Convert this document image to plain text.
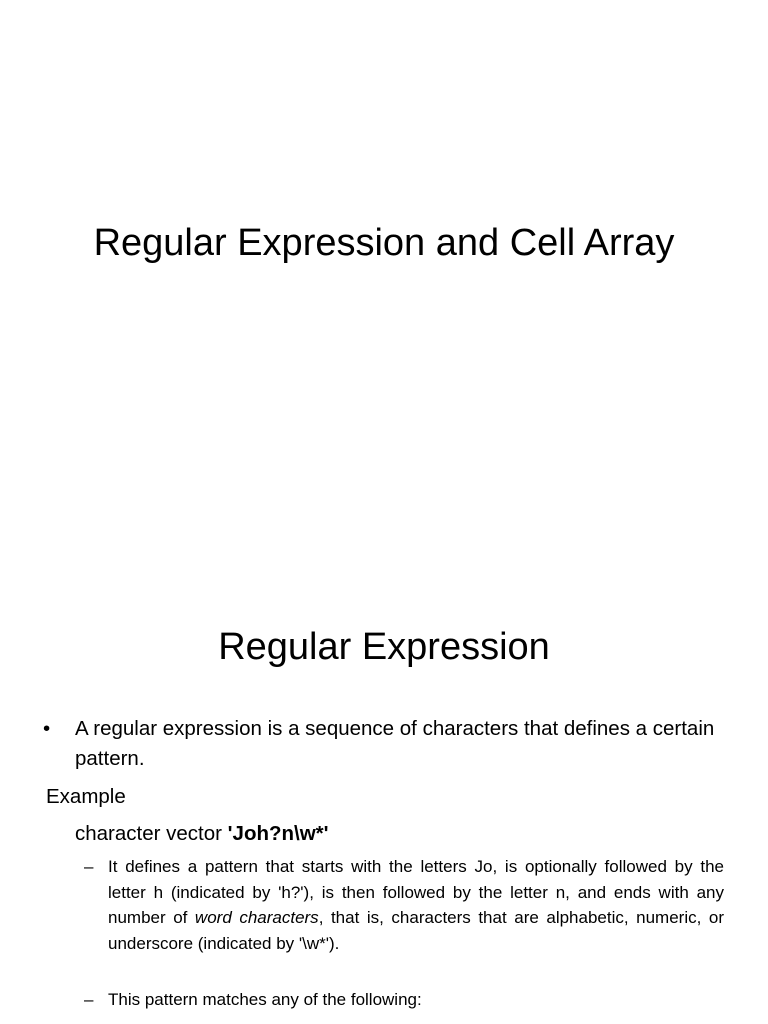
Regular Expression and Cell Array
Regular Expression
•	A regular expression is a sequence of characters that defines a certain pattern.
Example
character vector 'Joh?n\w*'
– It defines a pattern that starts with the letters Jo, is optionally followed by the letter h (indicated by 'h?'), is then followed by the letter n, and ends with any number of word characters, that is, characters that are alphabetic, numeric, or underscore (indicated by '\w*').
– This pattern matches any of the following:
